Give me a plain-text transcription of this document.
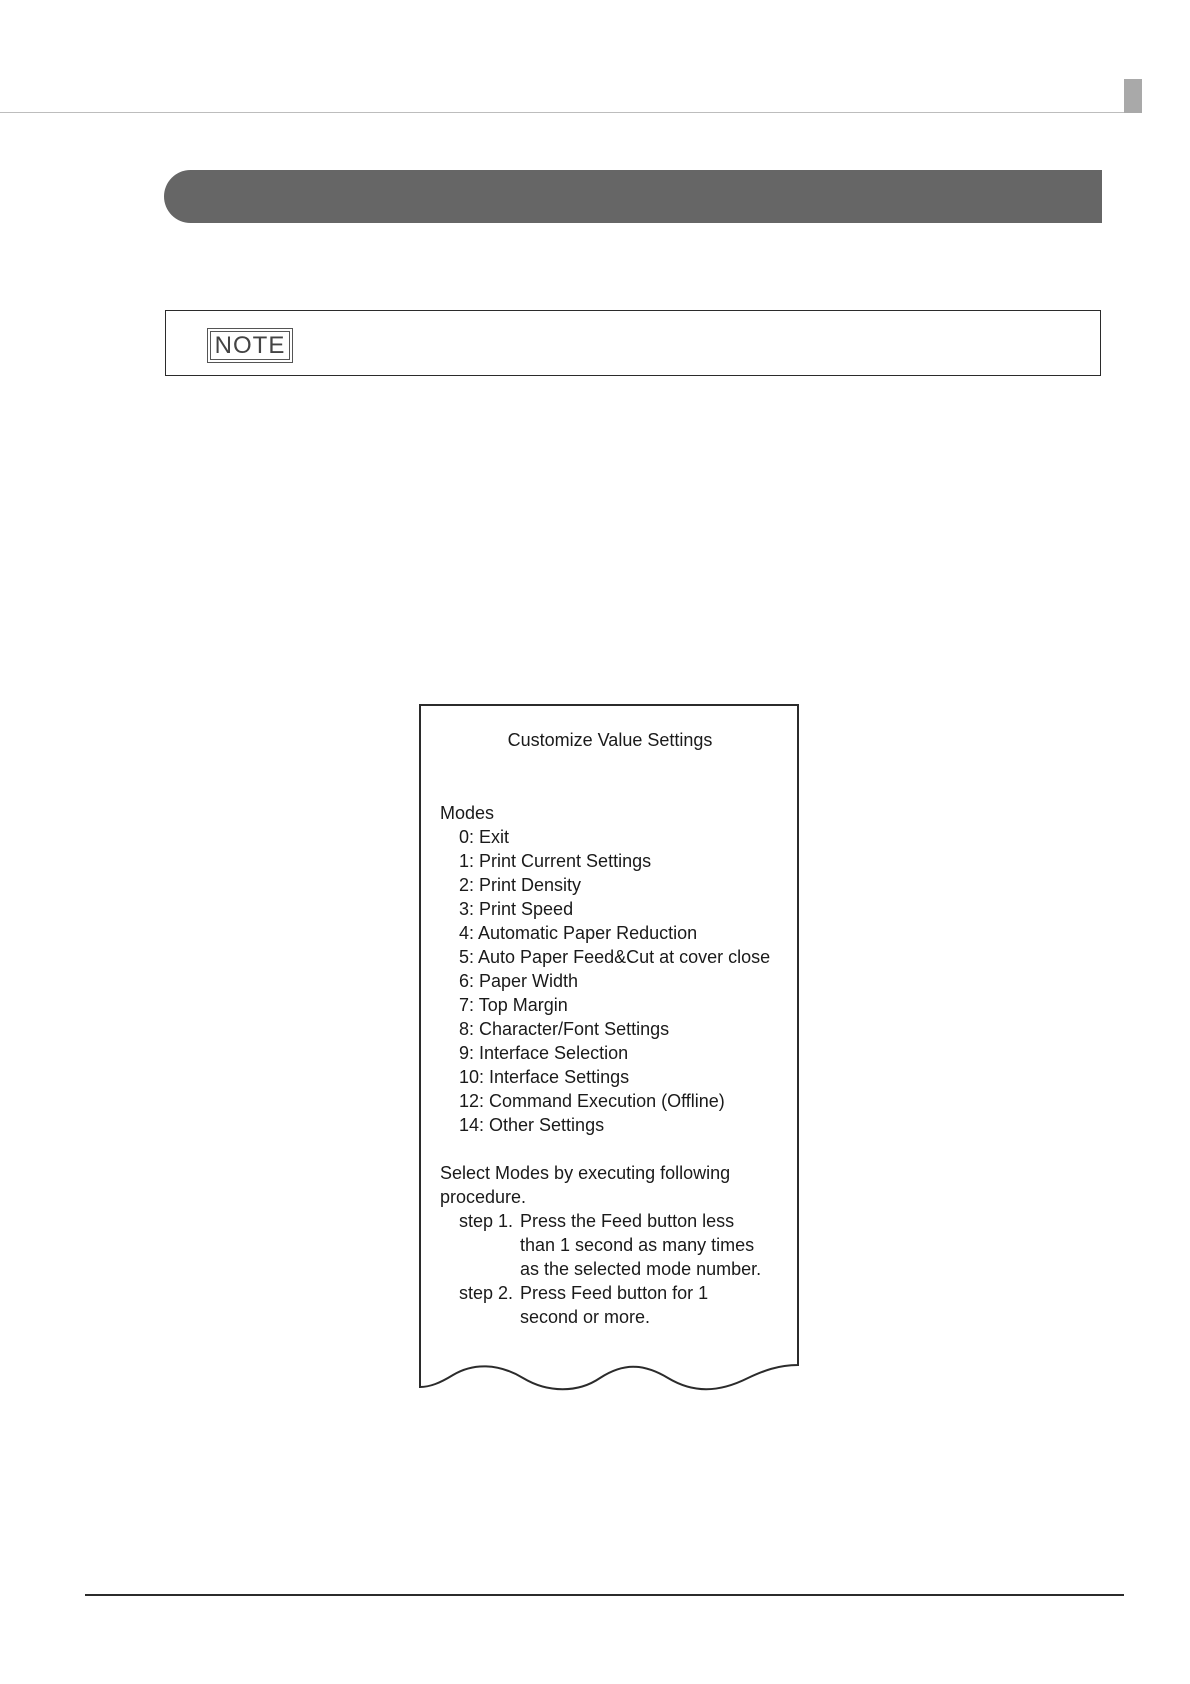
NOTE
Customize Value Settings
Modes
0: Exit
1: Print Current Settings
2: Print Density
3: Print Speed
4: Automatic Paper Reduction
5: Auto Paper Feed&Cut at cover close
6: Paper Width
7: Top Margin
8: Character/Font Settings
9: Interface Selection
10: Interface Settings
12: Command Execution (Offline)
14: Other Settings
Select Modes by executing following
procedure.
step 1. Press the Feed button less
than 1 second as many times
as the selected mode number.
step 2. Press Feed button for 1
second or more.
